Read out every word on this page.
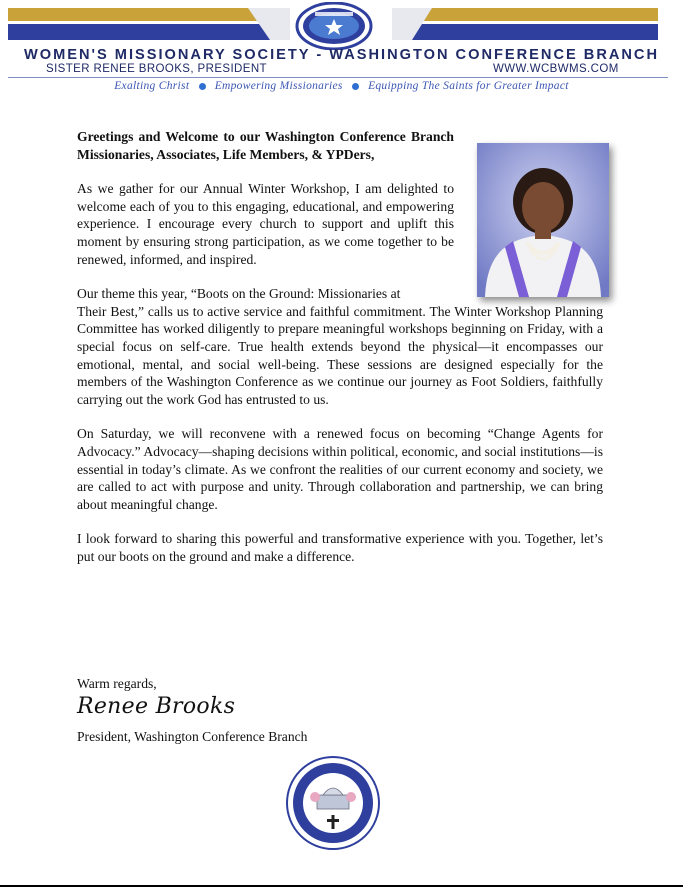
WOMEN'S MISSIONARY SOCIETY - WASHINGTON CONFERENCE BRANCH
SISTER RENEE BROOKS, PRESIDENT	WWW.WCBWMS.COM
Exalting Christ Empowering Missionaries Equipping The Saints for Greater Impact

Greetings and Welcome to our Washington Conference Branch Missionaries, Associates, Life Members, & YPDers,

As we gather for our Annual Winter Workshop, I am delighted to welcome each of you to this engaging, educational, and empowering experience. I encourage every church to support and uplift this moment by ensuring strong participation, as we come together to be renewed, informed, and inspired.

Our theme this year, “Boots on the Ground: Missionaries at
Their Best,” calls us to active service and faithful commitment. The Winter Workshop Planning Committee has worked diligently to prepare meaningful workshops beginning on Friday, with a special focus on self-care. True health extends beyond the physical—it encompasses our emotional, mental, and social well-being. These sessions are designed especially for the members of the Washington Conference as we continue our journey as Foot Soldiers, faithfully carrying out the work God has entrusted to us.

On Saturday, we will reconvene with a renewed focus on becoming “Change Agents for Advocacy.” Advocacy—shaping decisions within political, economic, and social institutions—is essential in today’s climate. As we confront the realities of our current economy and society, we are called to act with purpose and unity. Through collaboration and partnership, we can bring about meaningful change.

I look forward to sharing this powerful and transformative experience with you. Together, let’s put our boots on the ground and make a difference.

Warm regards,
Renee Brooks
President, Washington Conference Branch
